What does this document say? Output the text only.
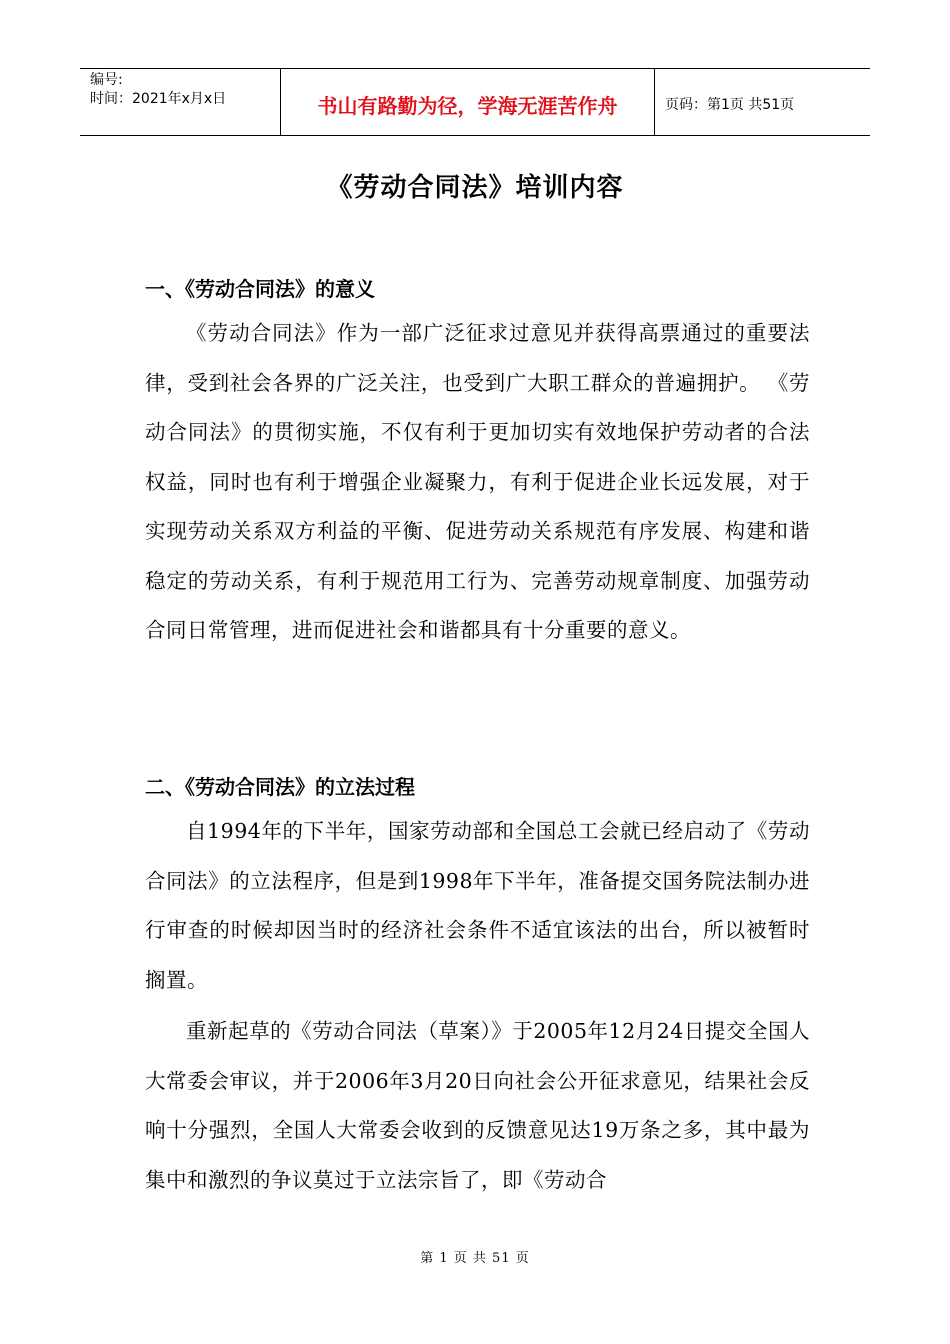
编号:
时间：2021年x月x日	书山有路勤为径，学海无涯苦作舟	页码：第1页 共51页
《劳动合同法》培训内容
一、《劳动合同法》的意义
《劳动合同法》作为一部广泛征求过意见并获得高票通过的重要法律，受到社会各界的广泛关注，也受到广大职工群众的普遍拥护。 《劳动合同法》的贯彻实施，不仅有利于更加切实有效地保护劳动者的合法权益，同时也有利于增强企业凝聚力，有利于促进企业长远发展，对于实现劳动关系双方利益的平衡、促进劳动关系规范有序发展、构建和谐稳定的劳动关系，有利于规范用工行为、完善劳动规章制度、加强劳动合同日常管理，进而促进社会和谐都具有十分重要的意义。
二、《劳动合同法》的立法过程
自1994年的下半年，国家劳动部和全国总工会就已经启动了《劳动合同法》的立法程序，但是到1998年下半年，准备提交国务院法制办进行审查的时候却因当时的经济社会条件不适宜该法的出台，所以被暂时搁置。
重新起草的《劳动合同法（草案）》于2005年12月24日提交全国人大常委会审议，并于2006年3月20日向社会公开征求意见，结果社会反响十分强烈，全国人大常委会收到的反馈意见达19万条之多，其中最为集中和激烈的争议莫过于立法宗旨了，即《劳动合
第 1 页 共 51 页
